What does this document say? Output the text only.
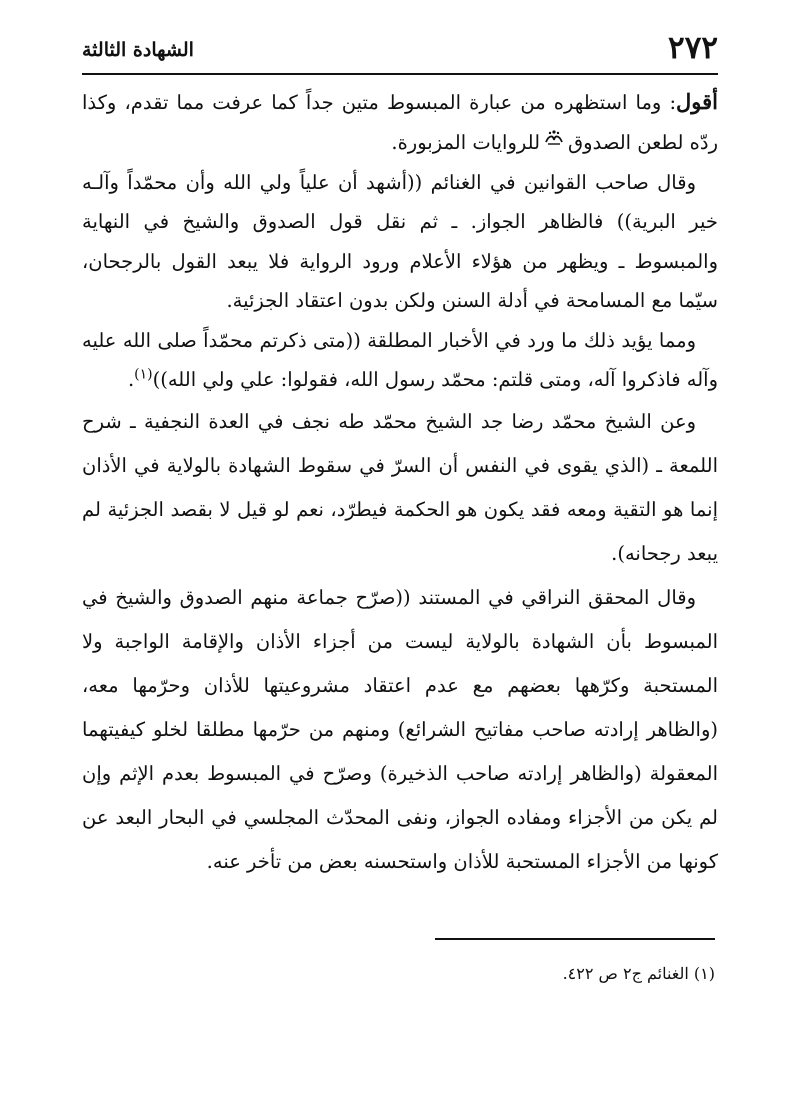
٢٧٢
الشهادة الثالثة

أقول: وما استظهره من عبارة المبسوط متين جداً كما عرفت مما تقدم، وكذا ردّه لطعن الصدوقللروايات المزبورة.

وقال صاحب القوانين في الغنائم ((أشهد أن علياً ولي الله وأن محمّداً وآلـه خير البرية)) فالظاهر الجواز. ـ ثم نقل قول الصدوق والشيخ في النهاية والمبسوط ـ ويظهر من هؤلاء الأعلام ورود الرواية فلا يبعد القول بالرجحان، سيّما مع المسامحة في أدلة السنن ولكن بدون اعتقاد الجزئية.

ومما يؤيد ذلك ما ورد في الأخبار المطلقة ((متى ذكرتم محمّداً صلى الله عليه وآله فاذكروا آله، ومتى قلتم: محمّد رسول الله، فقولوا: علي ولي الله))$^{(١)}$.

وعن الشيخ محمّد رضا جد الشيخ محمّد طه نجف في العدة النجفية ـ شرح اللمعة ـ (الذي يقوى في النفس أن السرّ في سقوط الشهادة بالولاية في الأذان إنما هو التقية ومعه فقد يكون هو الحكمة فيطرّد، نعم لو قيل لا بقصد الجزئية لم يبعد رجحانه).

وقال المحقق النراقي في المستند ((صرّح جماعة منهم الصدوق والشيخ في المبسوط بأن الشهادة بالولاية ليست من أجزاء الأذان والإقامة الواجبة ولا المستحبة وكرّهها بعضهم مع عدم اعتقاد مشروعيتها للأذان وحرّمها معه، (والظاهر إرادته صاحب مفاتيح الشرائع) ومنهم من حرّمها مطلقا لخلو كيفيتهما المعقولة (والظاهر إرادته صاحب الذخيرة) وصرّح في المبسوط بعدم الإثم وإن لم يكن من الأجزاء ومفاده الجواز، ونفى المحدّث المجلسي في البحار البعد عن كونها من الأجزاء المستحبة للأذان واستحسنه بعض من تأخر عنه.

(١) الغنائم ج٢ ص ٤٢٢.
